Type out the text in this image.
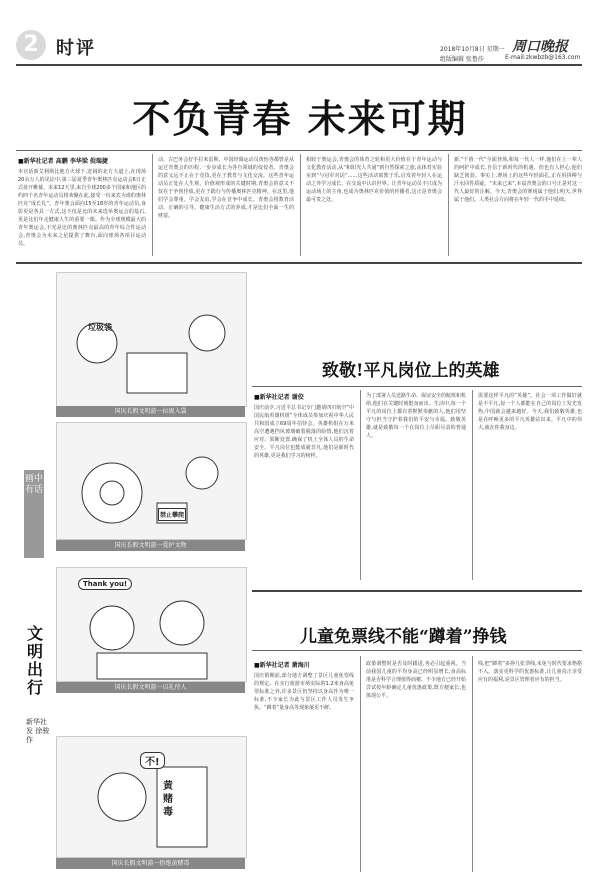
2 时评	周口晚报
2018年10月8日 星期一
组版编辑 张鲁莎	E-mail:zkwbzb@163.com
不负青春 未来可期
■新华社记者 高鹏 李华梁 倪瑞捷
本官话新艾利斯比地方火球下,宽阔的北方大道上,在现场20余万人的见证中,第三届夏季青年奥林匹克运动会6日正式扯开帷幕。未来12天里,来自全球200多个国家和地区的约四千名青年运动员将欢聚在此,接受一份来宾为谁的奥林匹克“成长礼”。青年奥会面向15至18岁的青年运动员,身影更是各具一方式,这不仅是比的未来选举奥运会的基石,更是比们年走健康人生的重要一课。作为全球规模最大的青年奥运会,不光是比的奥林匹克最高的青年综合性运动会,青奥会为未来之星提供了舞台,面向球场各项目运动员。
动、古巴务会好手拉米雷斯、中国经幕运动员黄怡等都曾是从运过青奥会的历程,一步步成长为各自领域的佼佼者。青奥会的意义远不止在于竞技,更在于教育与文化交流。这些青年运动员正处在人生观、价值观形成的关键时期,青奥会的意义不仅在于争创佳绩,更在于践行与传播奥林匹克精神。在这里,他们学会尊重、学会友谊,学会在竞争中成长。青奥会将教育活动、正确的引导、健康生活方式的养成,才是比们全面一生的财富。
相较于奥运会,青奥会的体育之轮和更大价值在于青年运动与文化教育活动,从“和阳光人共通”到自然探索之旅,从体育实验室到“与冠军对话”……这些活动寓教于乐,启发着年轻人在运动之外学习成长、在交流中认识世界。让青年运动员不只成为运动场上的主角,也成为奥林匹克价值的传播者,这正是青奥会最可贵之处。
新,“千禧一代”全面登场,和每一代人一样,他们在上一辈人的呵护中成长,自信于新时代的机遇。但也有人担心,他们缺乏韧劲。事实上,赛场上的这些年轻面孔,正在用拼搏与汗水回答质疑。“未来已来”,本届青奥会的口号正是对这一代人最好的注解。今天,青奥会的赛场属于他们;明天,世界属于他们。人类社会方向将在年轻一代的手中延续。
画中有话
文明出行
新华社发 徐骏 作
国庆长假文明游一拉圾入袋
垃圾袋
禁止攀爬
国庆长假文明游一爱护文物
Thank you!
国庆长假文明游一以礼待人
不!
黄 赌 毒
国庆长假文明游一拒绝黄赌毒
致敬!平凡岗位上的英雄
■新华社记者 谢佼
国庆前夕,习近平总书记专门邀请四川航空“中国民航英雄机组”全体成员参加庆祝中华人民共和国成立69周年招待会。英雄机组在万米高空遭遇挡风玻璃破裂脱落的险情,他们沉着应对、果断处置,确保了机上全体人员的生命安全。平凡岗位也能成就非凡,他们是新时代的英雄,更是我们学习的榜样。
为了部署人员送路生命、保证安全的航班和机组,他们在关键时刻挺身而出。生活中,每一个平凡的岗位上都有着默默奉献的人,他们用坚守与担当守护着我们的平安与幸福。致敬英雄,就是致敬每一个在岗位上尽职尽责的普通人。
需要这样平凡的“英雄”。社会一项工作做好就是不平凡,每一个人都能在自己的岗位上发光发热,中国就会越来越好。今天,我们致敬英雄,也是在呼唤更多的平凡英雄站出来。平凡中的伟大,就在你我身边。
儿童免票线不能“蹲着”挣钱
■新华社记者 萧海川
国庆假期前,部分地方调整了景区儿童免票线的规定。在实行旅游市场实际的1.2米身高免票标准之外,许多景区仍坚持以身高作为唯一标准,不少家长为此与景区工作人员发生争执。“蹲着”量身高等现象屡见不鲜。
政策调整时是否及时跟进,务必引起重视。当前我国儿童的平均身高已经明显增长,身高标准是否科学合理值得商榷。不少地方已经开始尝试按年龄确定儿童优惠政策,既方便家长,也体现公平。
线,把“蹲着”多挣几张票线,未免与时代要求格格不入。落实更科学的优惠标准,让儿童真正享受应有的福利,是景区管理者应有的担当。
